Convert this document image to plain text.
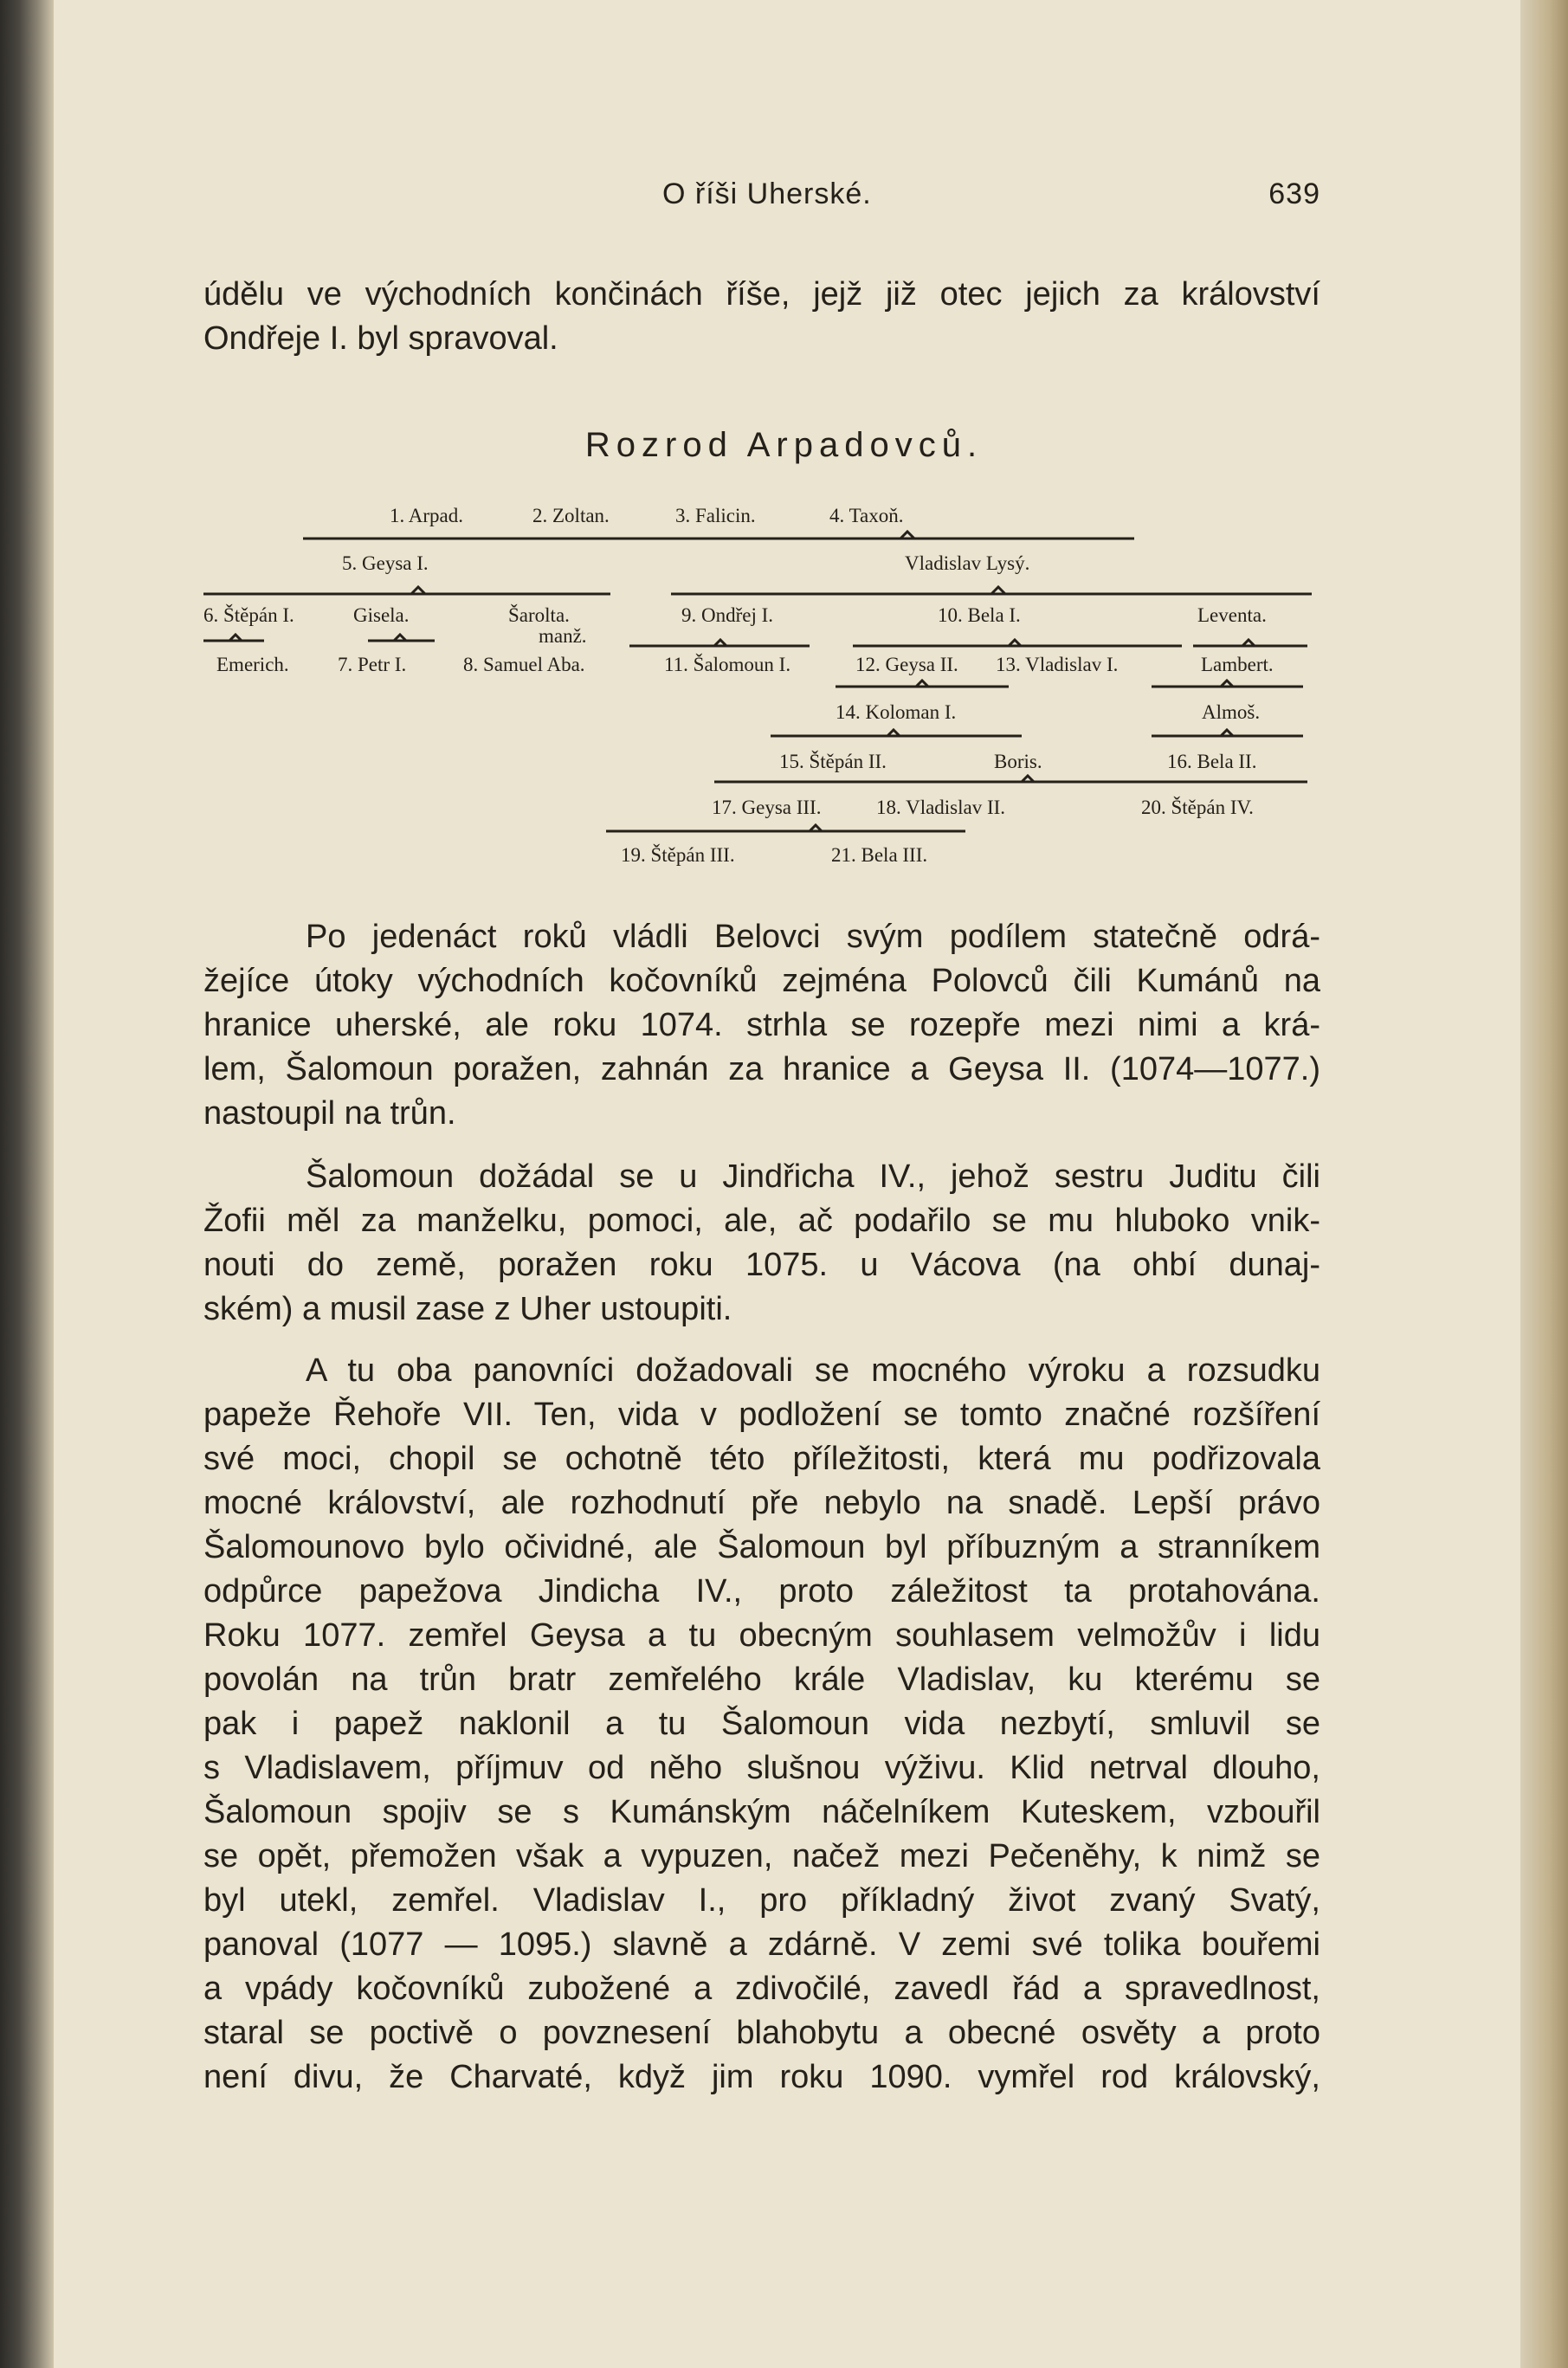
O říši Uherské.	639

údělu ve východních končinách říše, jejž již otec jejich za království
Ondřeje I. byl spravoval.

Rozrod Arpadovců.
1. Arpad.	2. Zoltan.	3. Falicin.	4. Taxoň.
5. Geysa I.	Vladislav Lysý.
6. Štěpán I.	Gisela.	Šarolta.
manž.
9. Ondřej I.	10. Bela I.	Leventa.
Emerich. 7. Petr I.	8. Samuel Aba.	11. Šalomoun I.	12. Geysa II. 13. Vladislav I.	Lambert.
14. Koloman I.	Almoš.
15. Štěpán II.	Boris.	16. Bela II.
17. Geysa III.	18. Vladislav II.	20. Štěpán IV.
19. Štěpán III.	21. Bela III.

Po jedenáct roků vládli Belovci svým podílem statečně odrá-
žejíce útoky východních kočovníků zejména Polovců čili Kumánů na
hranice uherské, ale roku 1074. strhla se rozepře mezi nimi a krá-
lem, Šalomoun poražen, zahnán za hranice a Geysa II. (1074—1077.)
nastoupil na trůn.

Šalomoun dožádal se u Jindřicha IV., jehož sestru Juditu čili
Žofii měl za manželku, pomoci, ale, ač podařilo se mu hluboko vnik-
nouti do země, poražen roku 1075. u Vácova (na ohbí dunaj-
ském) a musil zase z Uher ustoupiti.

A tu oba panovníci dožadovali se mocného výroku a rozsudku
papeže Řehoře VII. Ten, vida v podložení se tomto značné rozšíření
své moci, chopil se ochotně této příležitosti, která mu podřizovala
mocné království, ale rozhodnutí pře nebylo na snadě. Lepší právo
Šalomounovo bylo očividné, ale Šalomoun byl příbuzným a stranníkem
odpůrce papežova Jindicha IV., proto záležitost ta protahována.
Roku 1077. zemřel Geysa a tu obecným souhlasem velmožův i lidu
povolán na trůn bratr zemřelého krále Vladislav, ku kterému se
pak i papež naklonil a tu Šalomoun vida nezbytí, smluvil se
s Vladislavem, příjmuv od něho slušnou výživu. Klid netrval dlouho,
Šalomoun spojiv se s Kumánským náčelníkem Kuteskem, vzbouřil
se opět, přemožen však a vypuzen, načež mezi Pečeněhy, k nimž se
byl utekl, zemřel. Vladislav I., pro příkladný život zvaný Svatý,
panoval (1077 — 1095.) slavně a zdárně. V zemi své tolika bouřemi
a vpády kočovníků zubožené a zdivočilé, zavedl řád a spravedlnost,
staral se poctivě o povznesení blahobytu a obecné osvěty a proto
není divu, že Charvaté, když jim roku 1090. vymřel rod královský,
